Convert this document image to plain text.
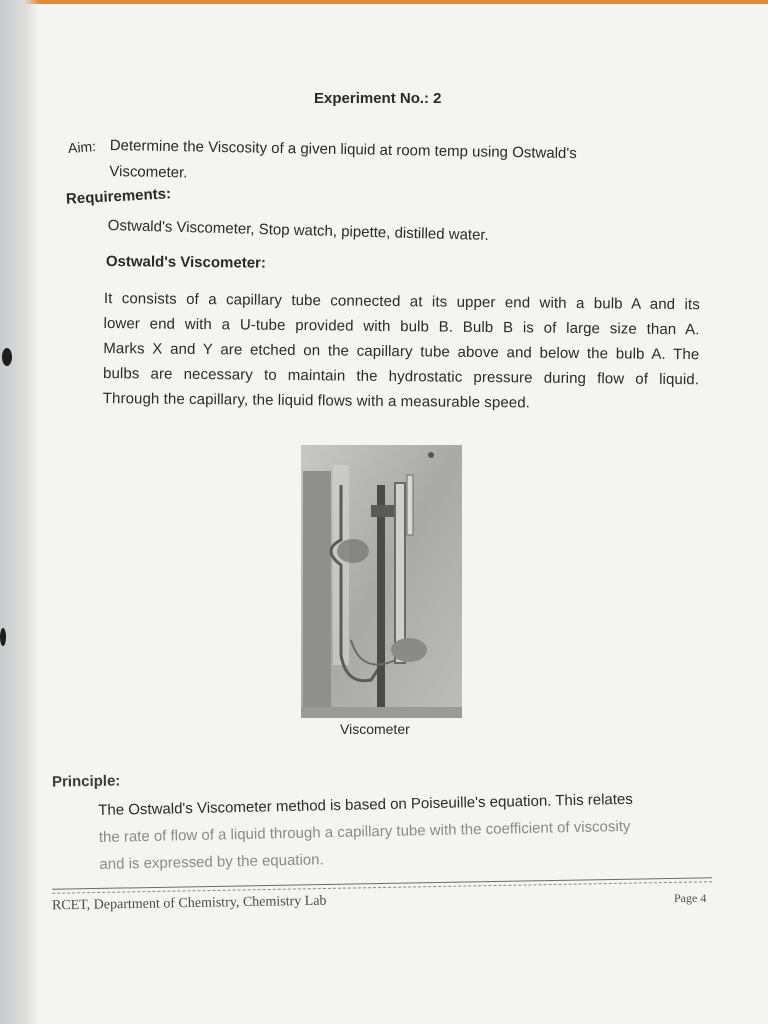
Experiment No.: 2
Aim: Determine the Viscosity of a given liquid at room temp using Ostwald's Viscometer.
Requirements:
Ostwald's Viscometer, Stop watch, pipette, distilled water.
Ostwald's Viscometer:
It consists of a capillary tube connected at its upper end with a bulb A and its
lower end with a U-tube provided with bulb B. Bulb B is of large size than A.
Marks X and Y are etched on the capillary tube above and below the bulb A. The
bulbs are necessary to maintain the hydrostatic pressure during flow of liquid.
Through the capillary, the liquid flows with a measurable speed.
Viscometer
Principle:
The Ostwald's Viscometer method is based on Poiseuille's equation. This relates
the rate of flow of a liquid through a capillary tube with the coefficient of viscosity
and is expressed by the equation.
RCET, Department of Chemistry, Chemistry Lab	Page 4
